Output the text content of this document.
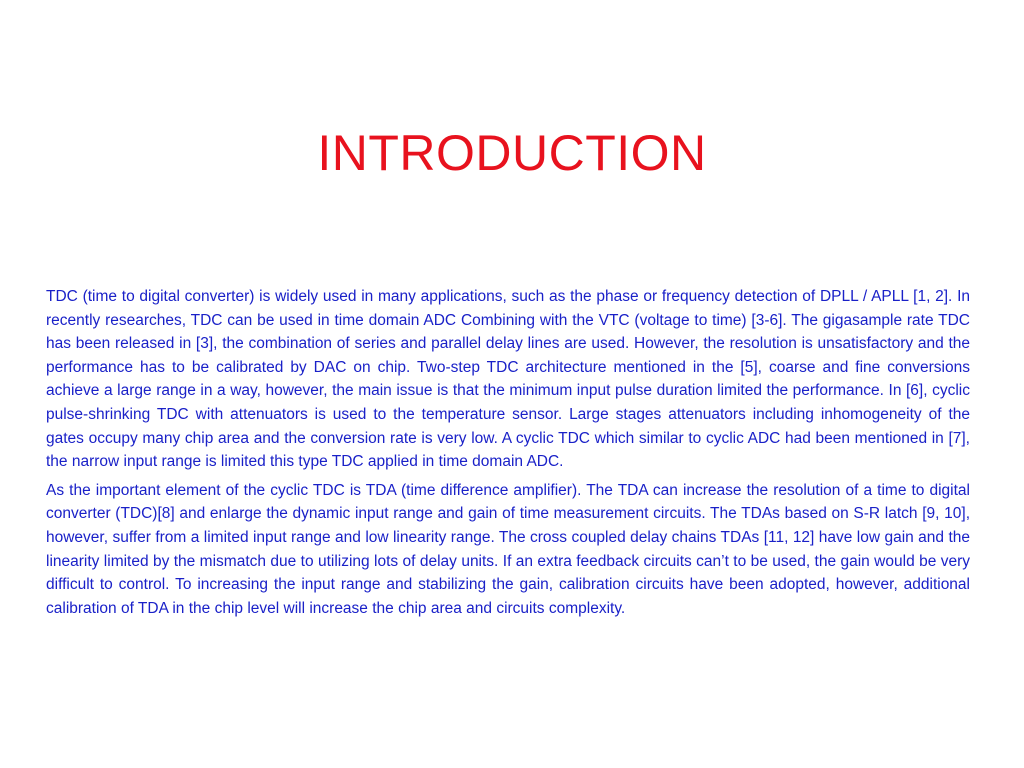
INTRODUCTION

TDC (time to digital converter) is widely used in many applications, such as the phase or frequency detection of DPLL / APLL [1, 2]. In recently researches, TDC can be used in time domain ADC Combining with the VTC (voltage to time) [3-6]. The gigasample rate TDC has been released in [3], the combination of series and parallel delay lines are used. However, the resolution is unsatisfactory and the performance has to be calibrated by DAC on chip. Two-step TDC architecture mentioned in the [5], coarse and fine conversions achieve a large range in a way, however, the main issue is that the minimum input pulse duration limited the performance. In [6], cyclic pulse-shrinking TDC with attenuators is used to the temperature sensor. Large stages attenuators including inhomogeneity of the gates occupy many chip area and the conversion rate is very low. A cyclic TDC which similar to cyclic ADC had been mentioned in [7], the narrow input range is limited this type TDC applied in time domain ADC.

As the important element of the cyclic TDC is TDA (time difference amplifier). The TDA can increase the resolution of a time to digital converter (TDC)[8] and enlarge the dynamic input range and gain of time measurement circuits. The TDAs based on S-R latch [9, 10], however, suffer from a limited input range and low linearity range. The cross coupled delay chains TDAs [11, 12] have low gain and the linearity limited by the mismatch due to utilizing lots of delay units. If an extra feedback circuits can’t to be used, the gain would be very difficult to control. To increasing the input range and stabilizing the gain, calibration circuits have been adopted, however, additional calibration of TDA in the chip level will increase the chip area and circuits complexity.
